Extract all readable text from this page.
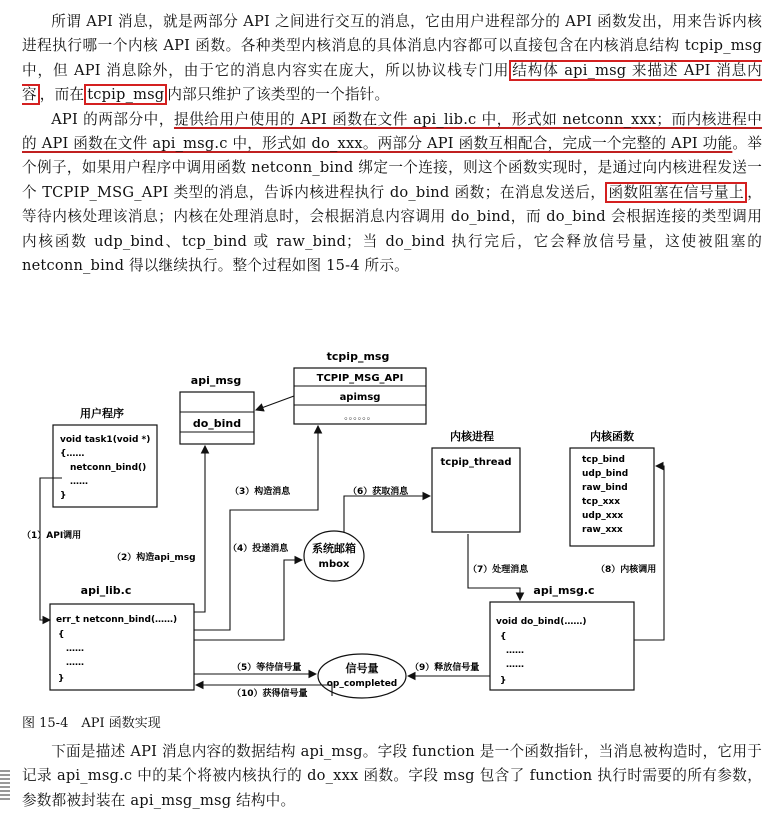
所谓 API 消息，就是两部分 API 之间进行交互的消息，它由用户进程部分的 API 函数发出，用来告诉内核进程执行哪一个内核 API 函数。各种类型内核消息的具体消息内容都可以直接包含在内核消息结构 tcpip_msg 中，但 API 消息除外，由于它的消息内容实在庞大，所以协议栈专门用 结构体 api_msg 来描述 API 消息内容 ，而在 tcpip_msg 内部只维护了该类型的一个指针。

API 的两部分中，提供给用户使用的 API 函数在文件 api_lib.c 中，形式如 netconn_xxx；而内核进程中的 API 函数在文件 api_msg.c 中，形式如 do_xxx。两部分 API 函数互相配合，完成一个完整的 API 功能。举个例子，如果用户程序中调用函数 netconn_bind 绑定一个连接，则这个函数实现时，是通过向内核进程发送一个 TCPIP_MSG_API 类型的消息，告诉内核进程执行 do_bind 函数；在消息发送后， 函数阻塞在信号量上 ，等待内核处理该消息；内核在处理消息时，会根据消息内容调用 do_bind，而 do_bind 会根据连接的类型调用内核函数 udp_bind、tcp_bind 或 raw_bind；当 do_bind 执行完后，它会释放信号量，这使被阻塞的 netconn_bind 得以继续执行。整个过程如图 15-4 所示。

tcpip_msg
TCPIP_MSG_API
apimsg
。。。。。。
api_msg
do_bind
用户程序
void task1(void *)
{……
netconn_bind()
……
}
内核进程
tcpip_thread
内核函数
tcp_bind
udp_bind
raw_bind
tcp_xxx
udp_xxx
raw_xxx
系统邮箱
mbox
api_lib.c
err_t netconn_bind(……)
{
……
……
}
api_msg.c
void do_bind(……)
{
……
……
}
信号量
op_completed
（1）API调用
（2）构造api_msg
（3）构造消息
（4）投递消息
（5）等待信号量
（6）获取消息
（7）处理消息	（8）内核调用
（9）释放信号量
（10）获得信号量
图 15-4　API 函数实现

下面是描述 API 消息内容的数据结构 api_msg。字段 function 是一个函数指针，当消息被构造时，它用于记录 api_msg.c 中的某个将被内核执行的 do_xxx 函数。字段 msg 包含了 function 执行时需要的所有参数，参数都被封装在 api_msg_msg 结构中。
